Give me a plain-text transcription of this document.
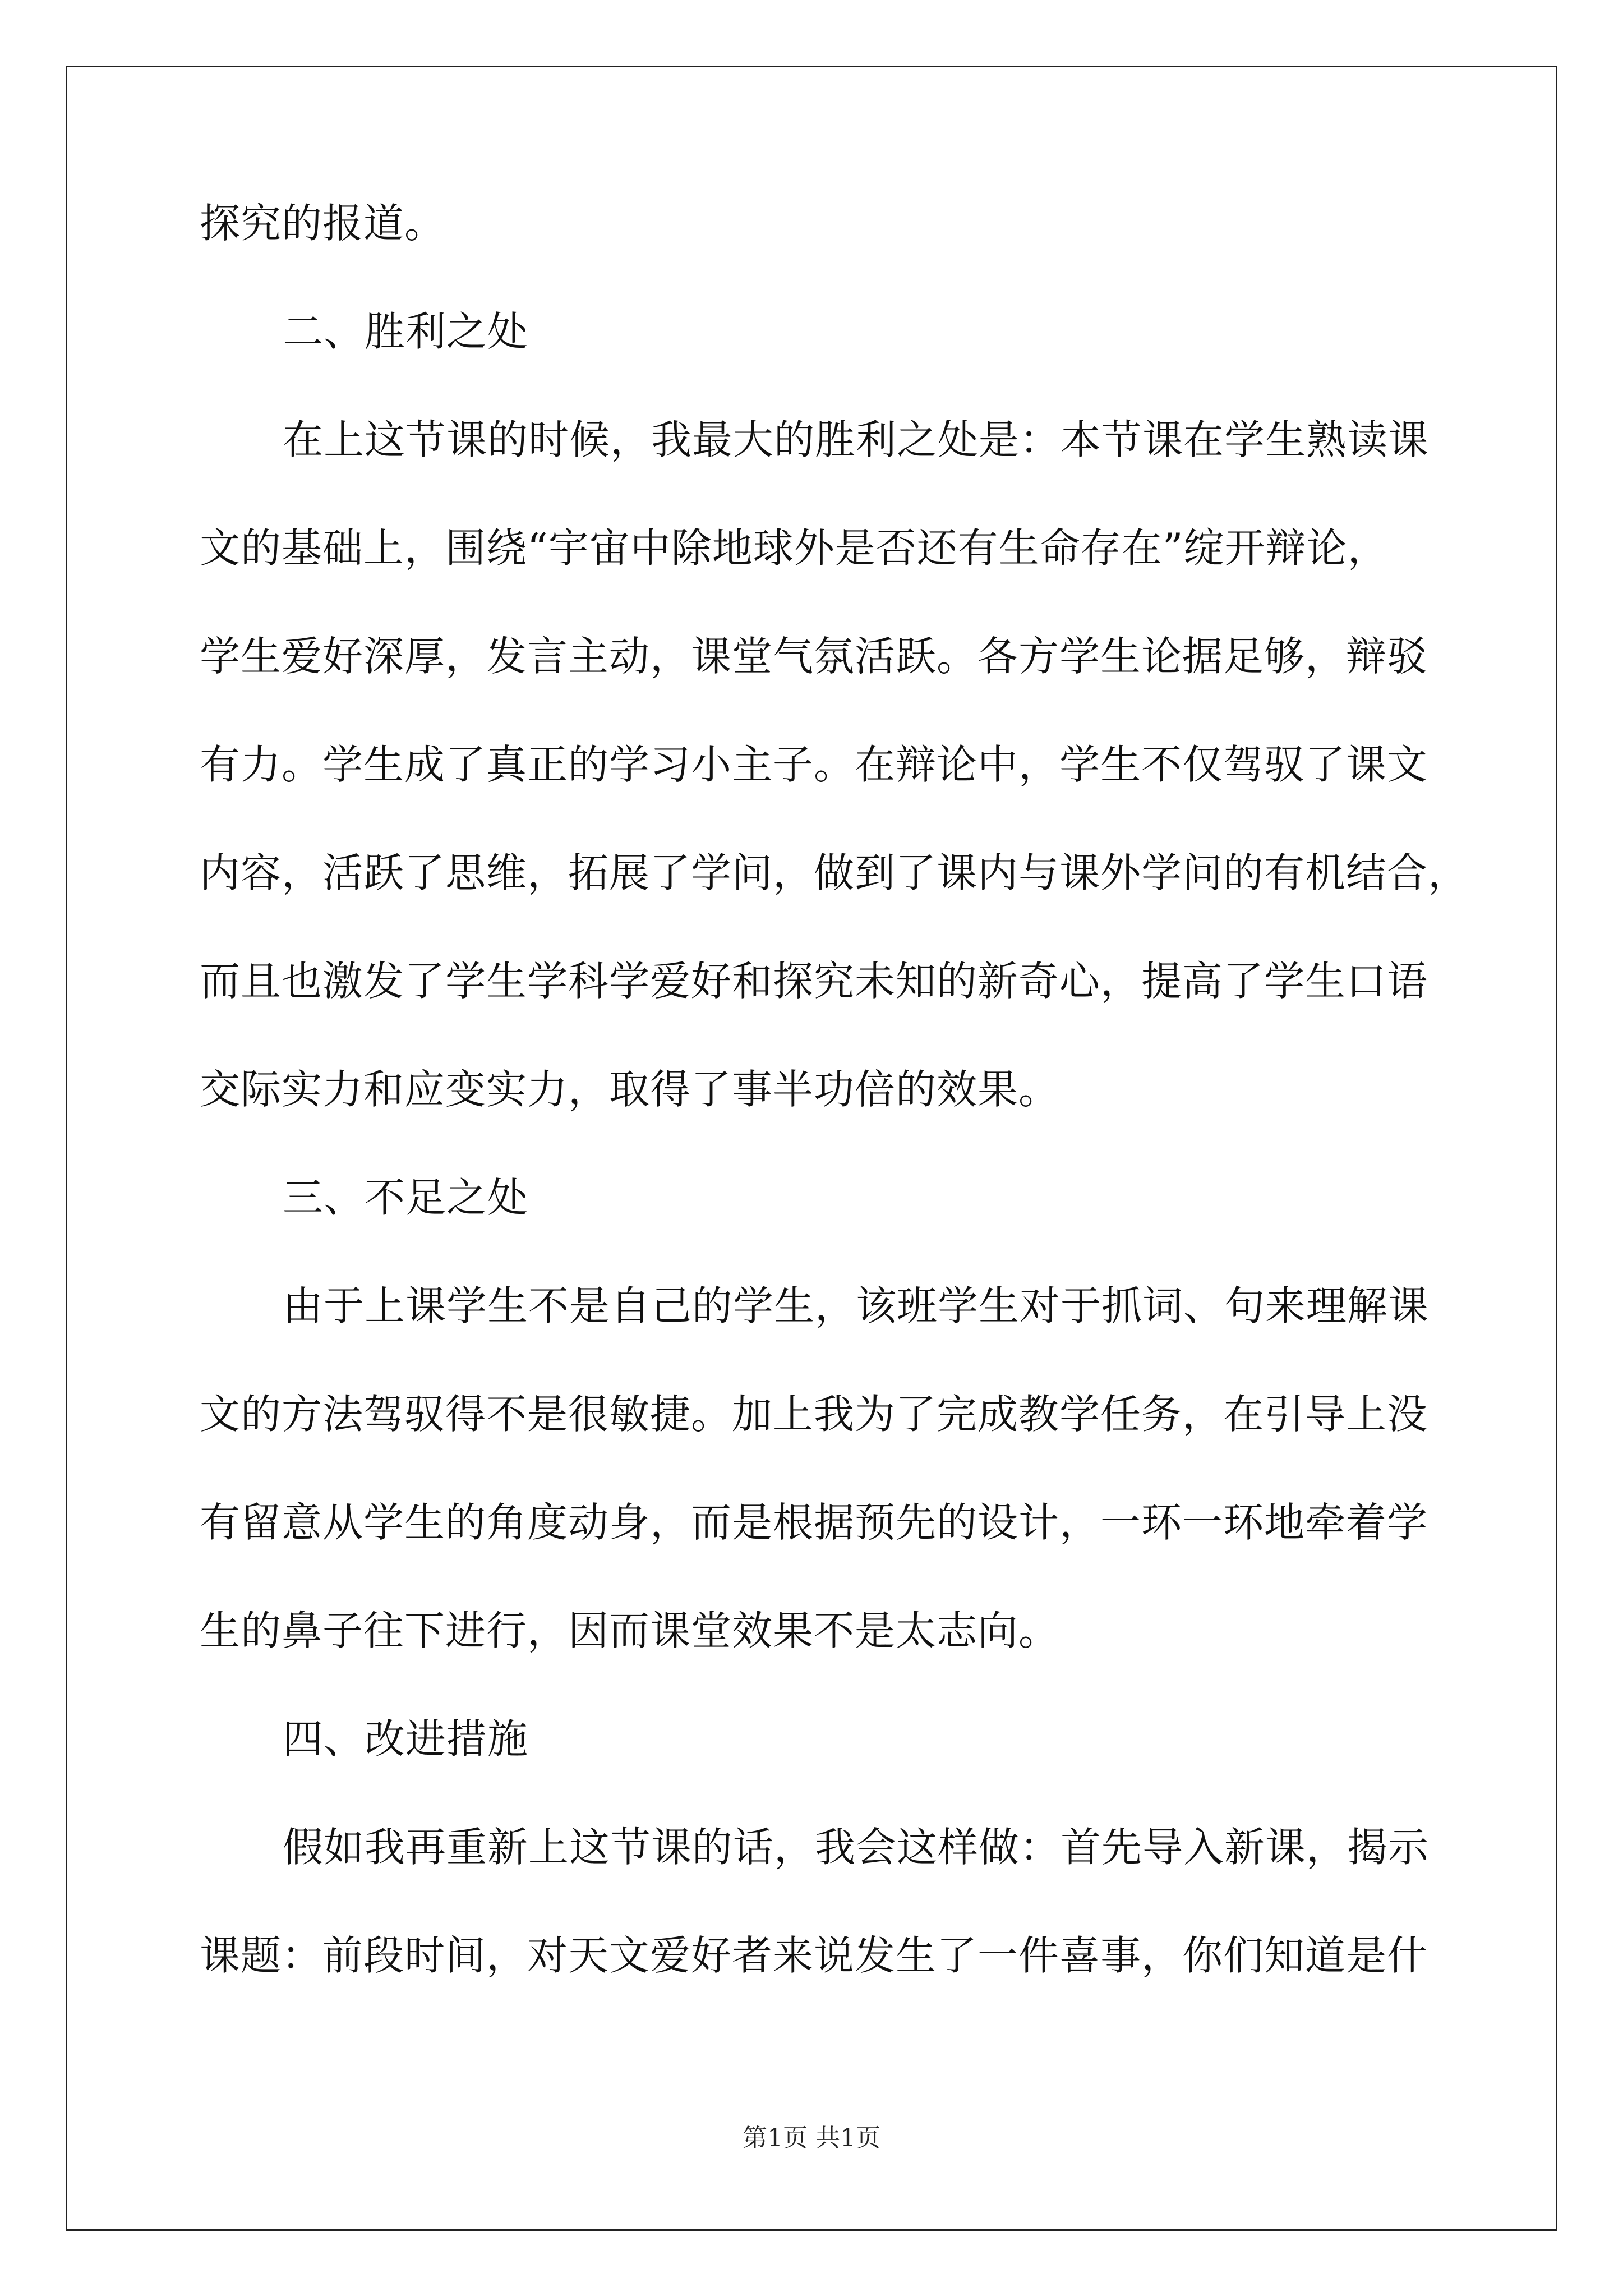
探究的报道。
二、胜利之处
在上这节课的时候，我最大的胜利之处是：本节课在学生熟读课
文的基础上，围绕“宇宙中除地球外是否还有生命存在”绽开辩论，
学生爱好深厚，发言主动，课堂气氛活跃。各方学生论据足够，辩驳
有力。学生成了真正的学习小主子。在辩论中，学生不仅驾驭了课文
内容，活跃了思维，拓展了学问，做到了课内与课外学问的有机结合，
而且也激发了学生学科学爱好和探究未知的新奇心，提高了学生口语
交际实力和应变实力，取得了事半功倍的效果。
三、不足之处
由于上课学生不是自己的学生，该班学生对于抓词、句来理解课
文的方法驾驭得不是很敏捷。加上我为了完成教学任务，在引导上没
有留意从学生的角度动身，而是根据预先的设计，一环一环地牵着学
生的鼻子往下进行，因而课堂效果不是太志向。
四、改进措施
假如我再重新上这节课的话，我会这样做：首先导入新课，揭示
课题：前段时间，对天文爱好者来说发生了一件喜事，你们知道是什
第1页 共1页
